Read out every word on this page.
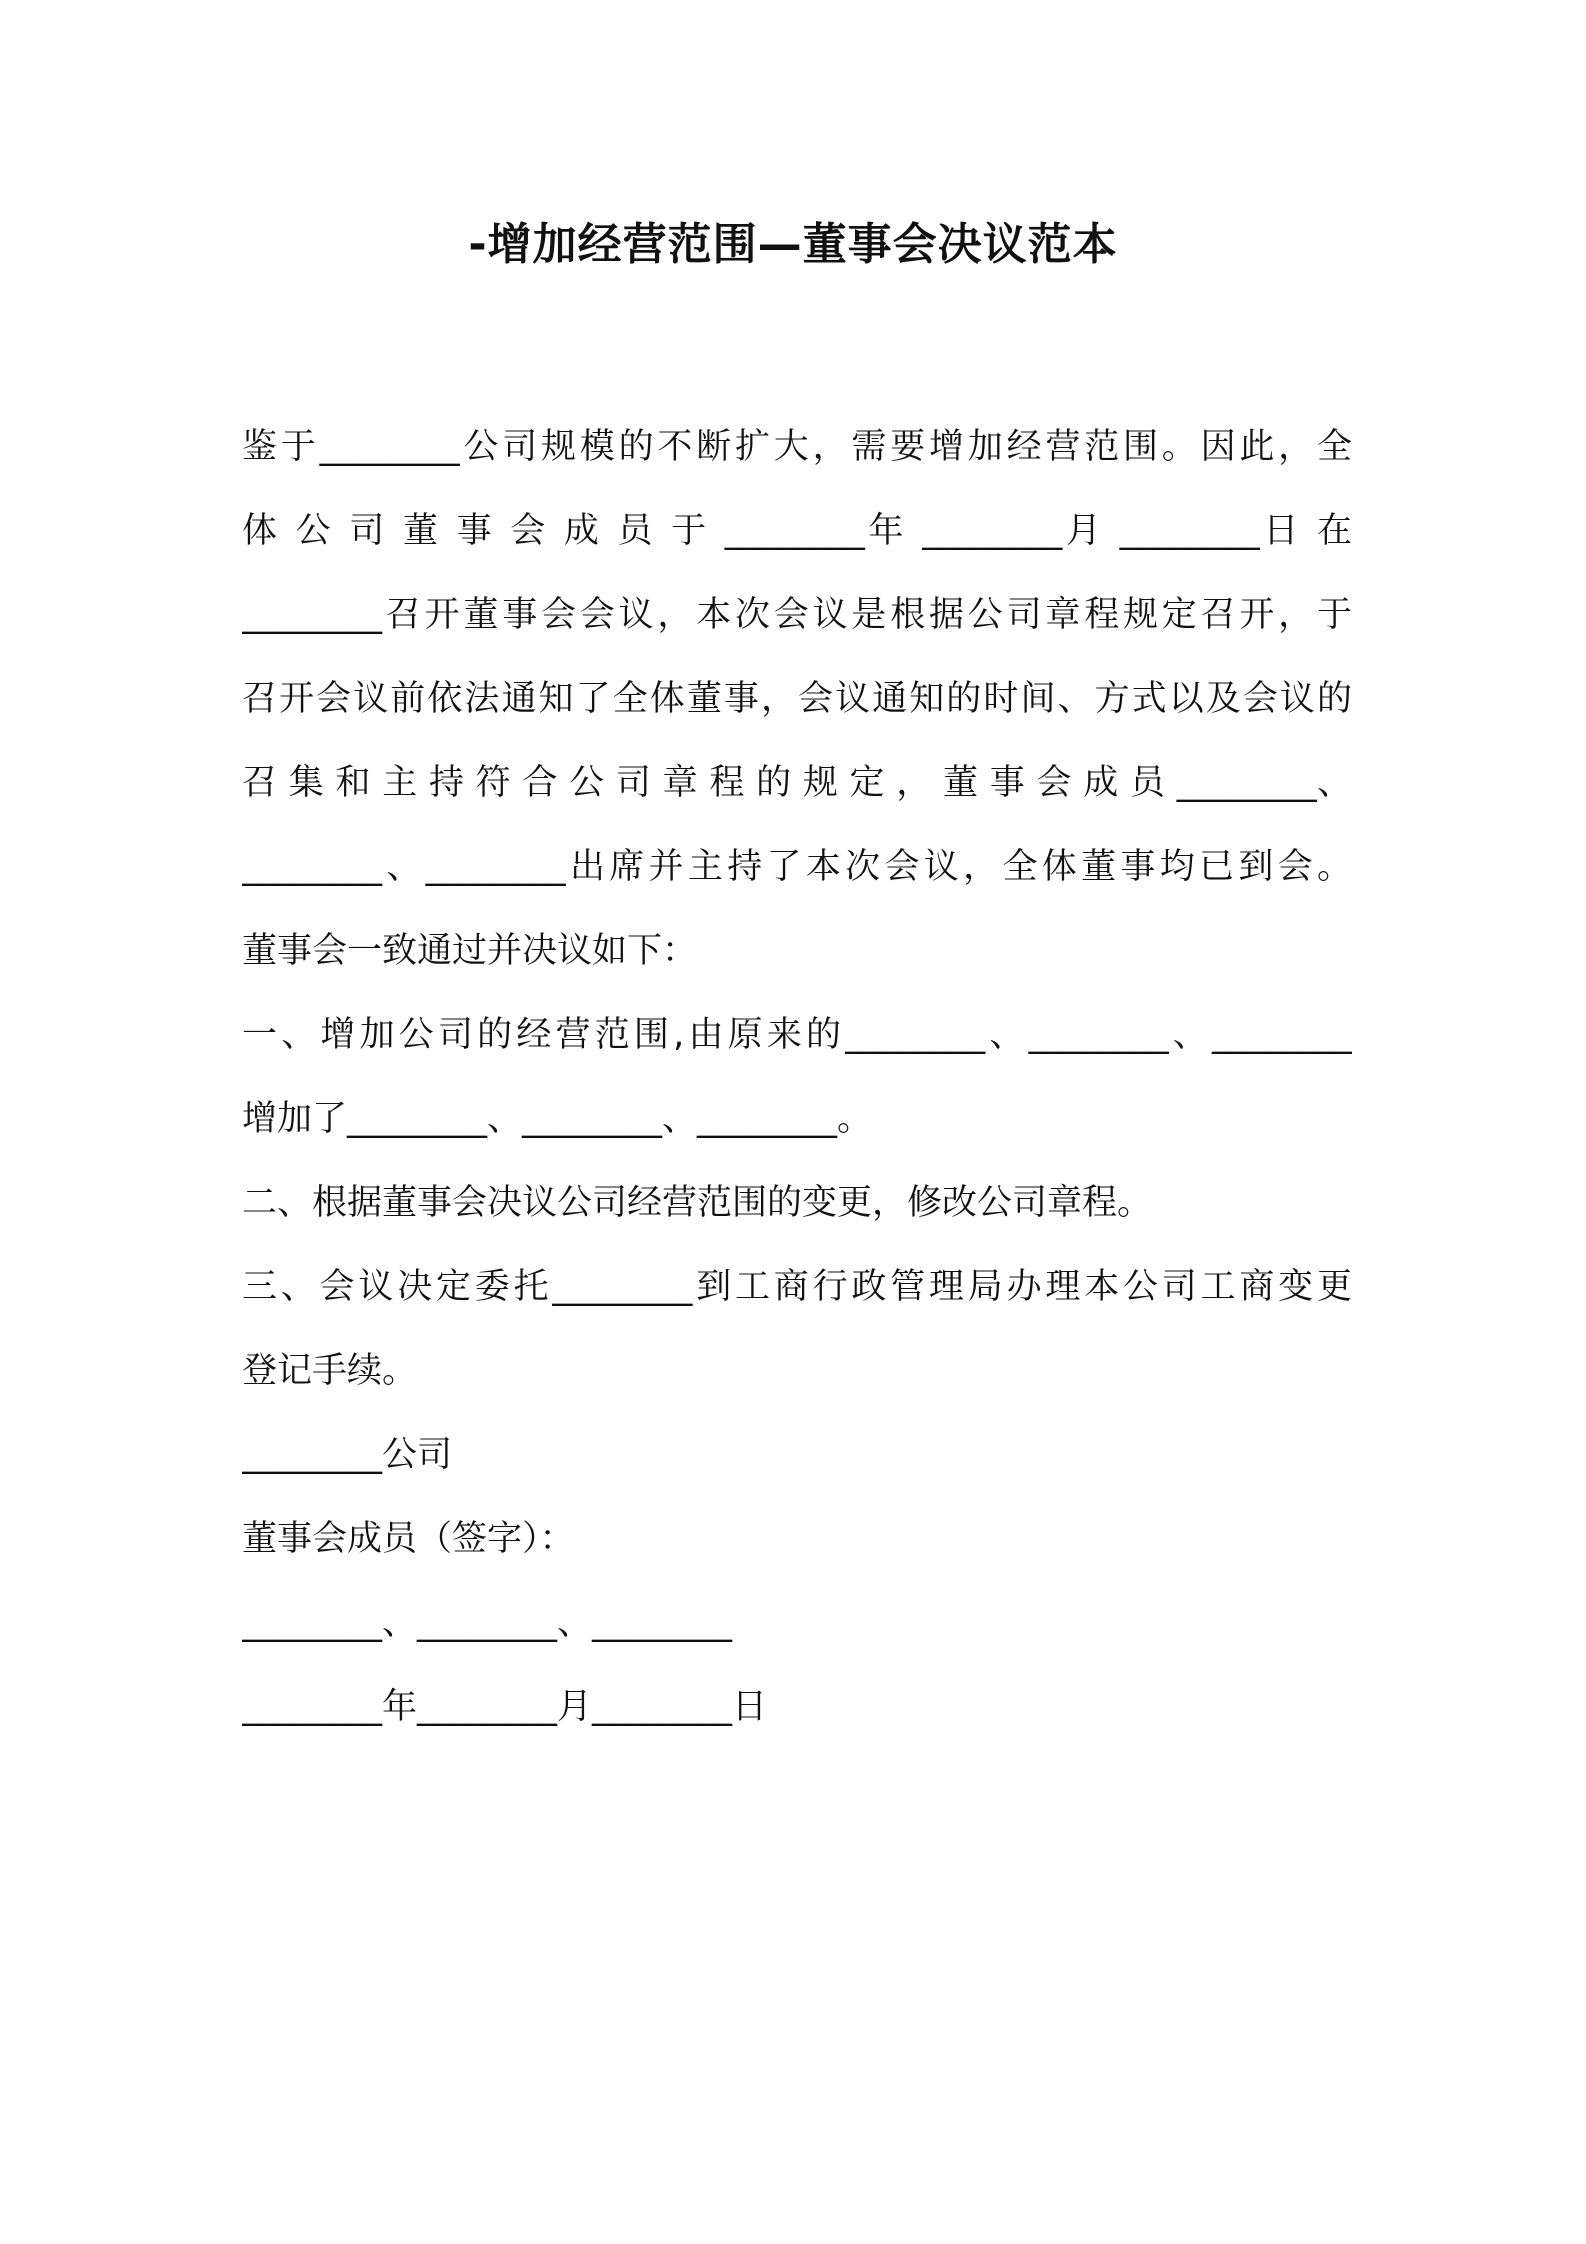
-增加经营范围—董事会决议范本
鉴于________公司规模的不断扩大，需要增加经营范围。因此，全
体 公 司 董 事 会 成 员 于 ________年 ________月 ________日 在
________召开董事会会议，本次会议是根据公司章程规定召开，于
召开会议前依法通知了全体董事，会议通知的时间、方式以及会议的
召 集 和 主 持 符 合 公 司 章 程 的 规 定 ， 董 事 会 成 员 ________、
________、________出席并主持了本次会议，全体董事均已到会。
董事会一致通过并决议如下：
一、增加公司的经营范围,由原来的________、________、________
增加了________、________、________。
二、根据董事会决议公司经营范围的变更，修改公司章程。
三、会议决定委托________到工商行政管理局办理本公司工商变更
登记手续。
________公司
董事会成员（签字）：
________、________、________
________年________月________日
